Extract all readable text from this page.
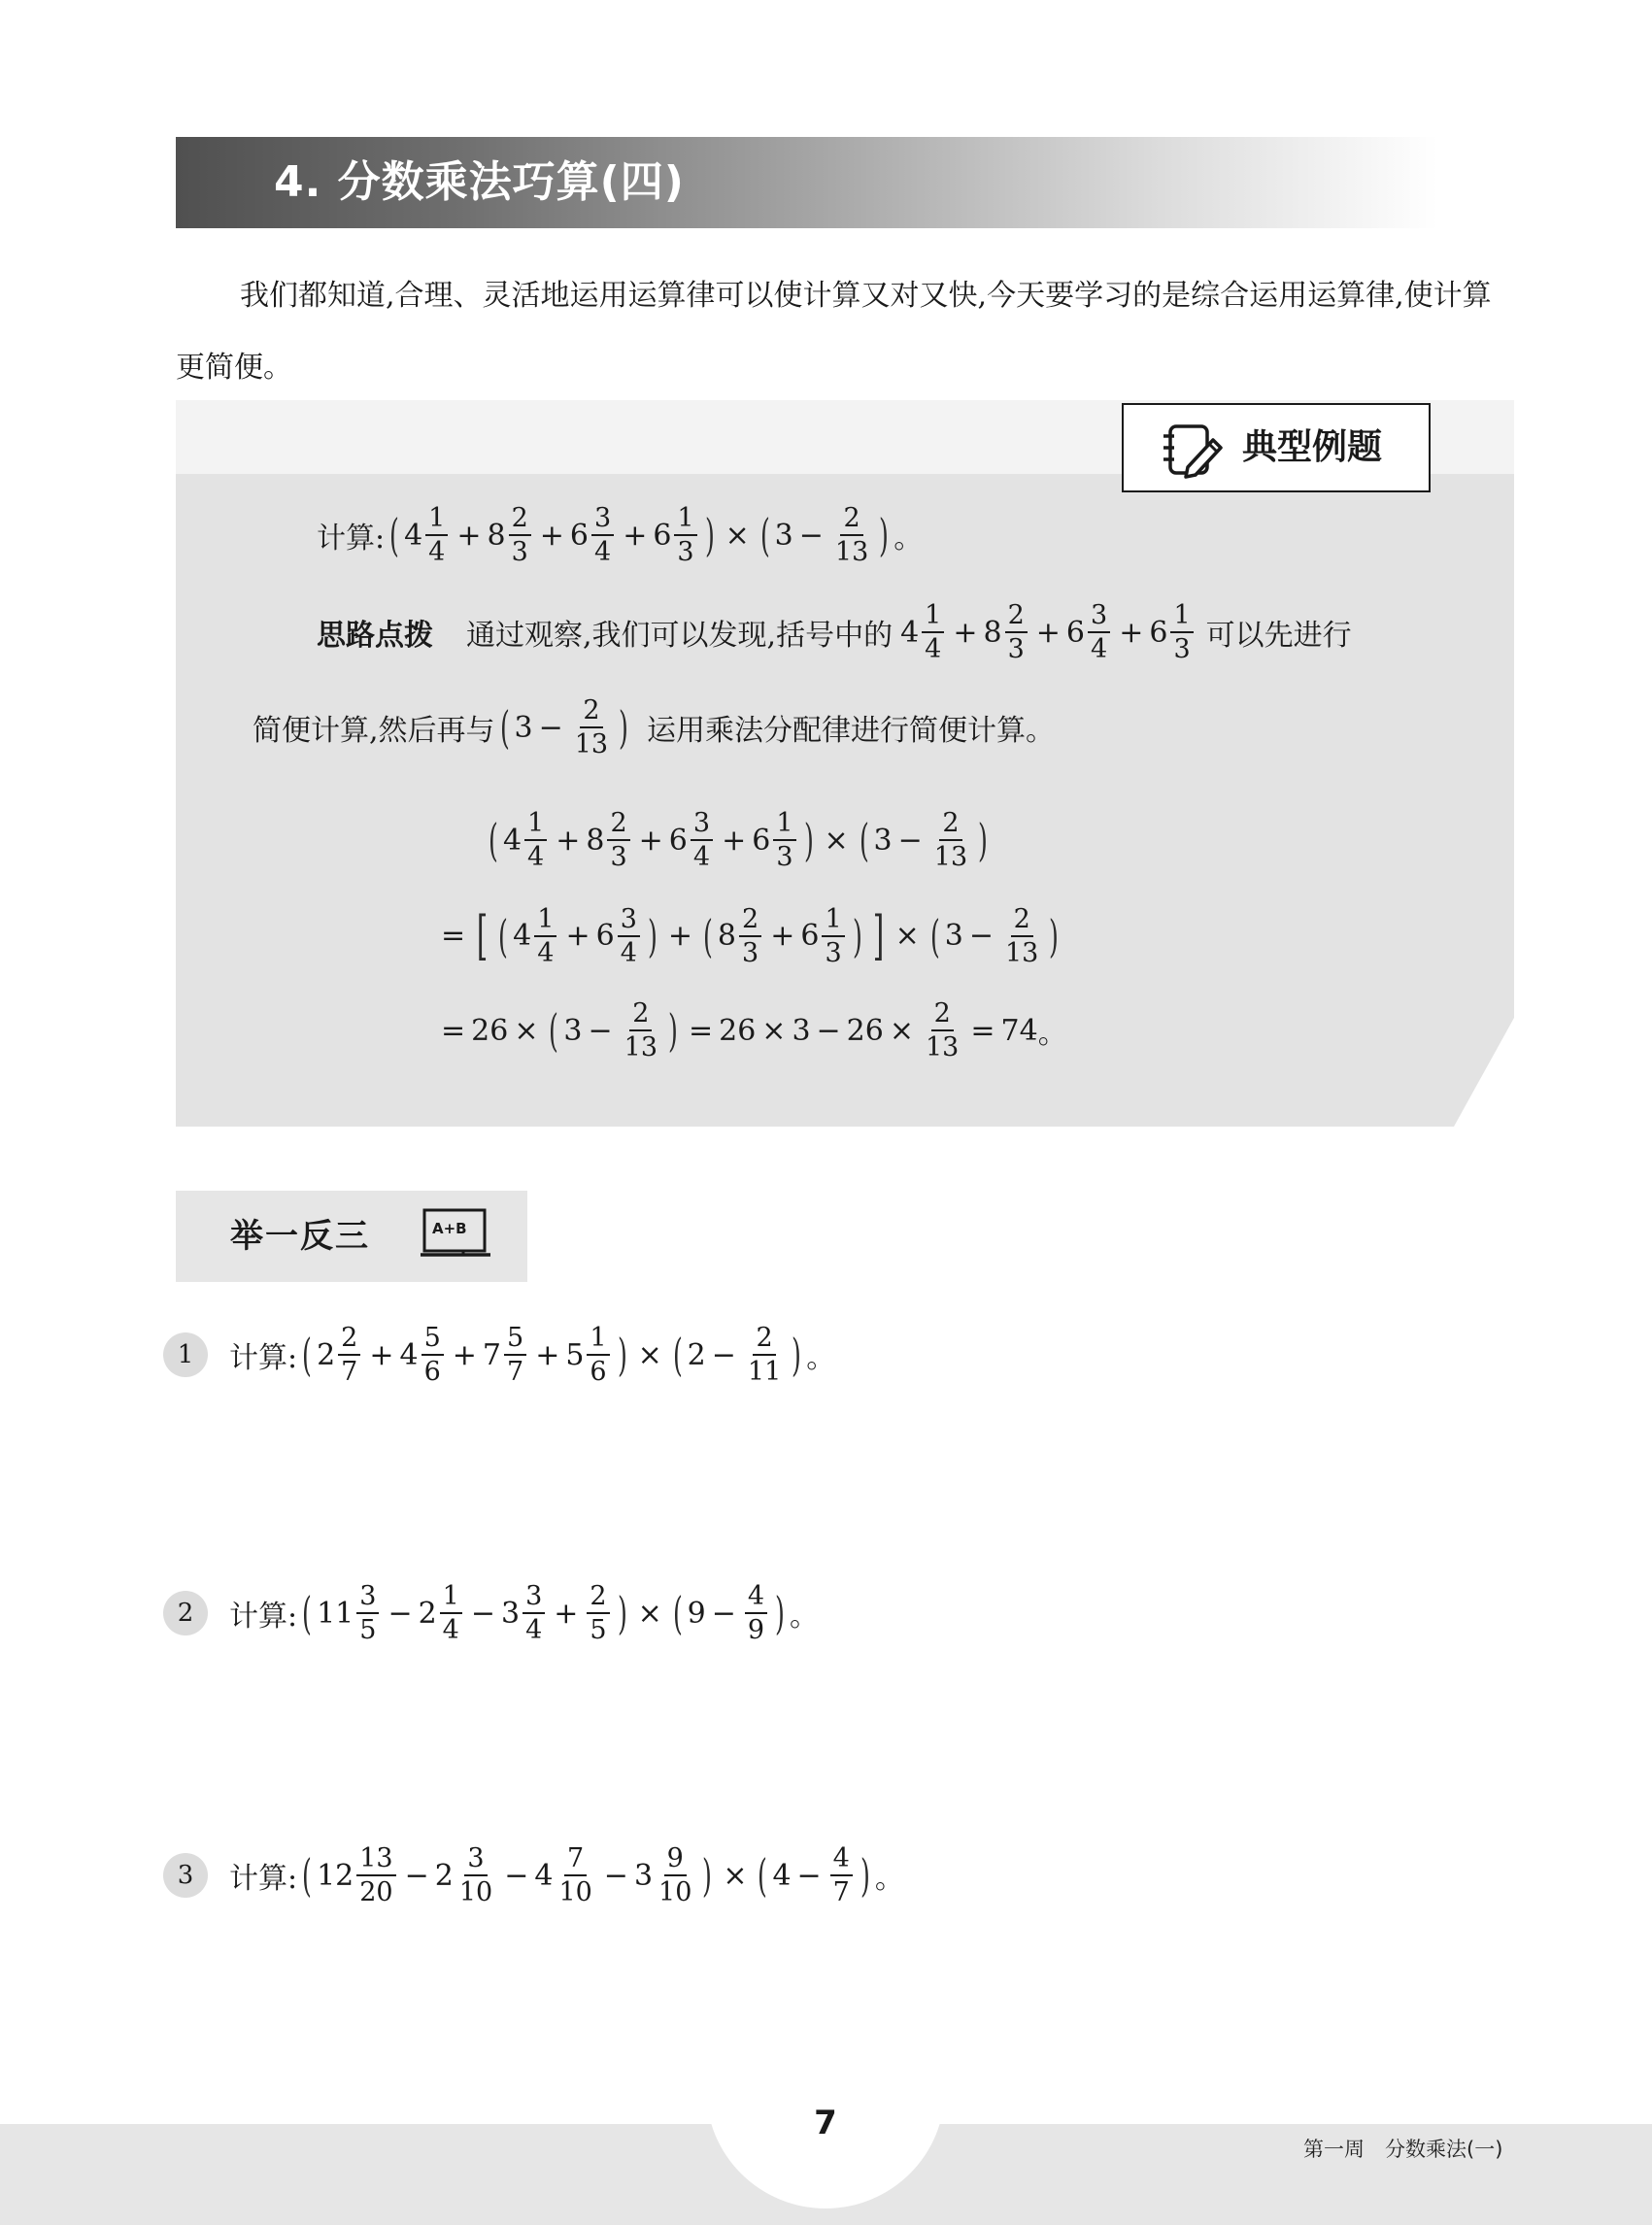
4. 分数乘法巧算(四)

我们都知道,合理、灵活地运用运算律可以使计算又对又快,今天要学习的是综合运用运算律,使计算更简便。

典型例题
计算: ( $4 \frac{1}{4} + 8 \frac{2}{3} + 6 \frac{3}{4} + 6 \frac{1}{3}$ ) × ( $3 - \frac{2}{13}$ ) 。
思路点拨 通过观察,我们可以发现,括号中的 $4 \frac{1}{4} + 8 \frac{2}{3} + 6 \frac{3}{4} + 6 \frac{1}{3}$ 可以先进行
简便计算,然后再与 ( $3 - \frac{2}{13}$ ) 运用乘法分配律进行简便计算。
( $4 \frac{1}{4} + 8 \frac{2}{3} + 6 \frac{3}{4} + 6 \frac{1}{3}$ ) × ( $3 - \frac{2}{13}$ )
= [ ( $4 \frac{1}{4} + 6 \frac{3}{4}$ ) + ( $8 \frac{2}{3} + 6 \frac{1}{3}$ ) ] × ( $3 - \frac{2}{13}$ )
= 26 × ( $3 - \frac{2}{13}$ ) = $26 \times 3 - 26 \times \frac{2}{13} = 74$ 。
举一反三	A+B
1	计算: ( $2 \frac{2}{7} + 4 \frac{5}{6} + 7 \frac{5}{7} + 5 \frac{1}{6}$ ) × ( $2 - \frac{2}{11}$ ) 。
2	计算: ( $11 \frac{3}{5} - 2 \frac{1}{4} - 3 \frac{3}{4} + \frac{2}{5}$ ) × ( $9 - \frac{4}{9}$ ) 。
3	计算: ( $12 \frac{13}{20} - 2 \frac{3}{10} - 4 \frac{7}{10} - 3 \frac{9}{10}$ ) × ( $4 - \frac{4}{7}$ ) 。
7
第一周　分数乘法(一)
